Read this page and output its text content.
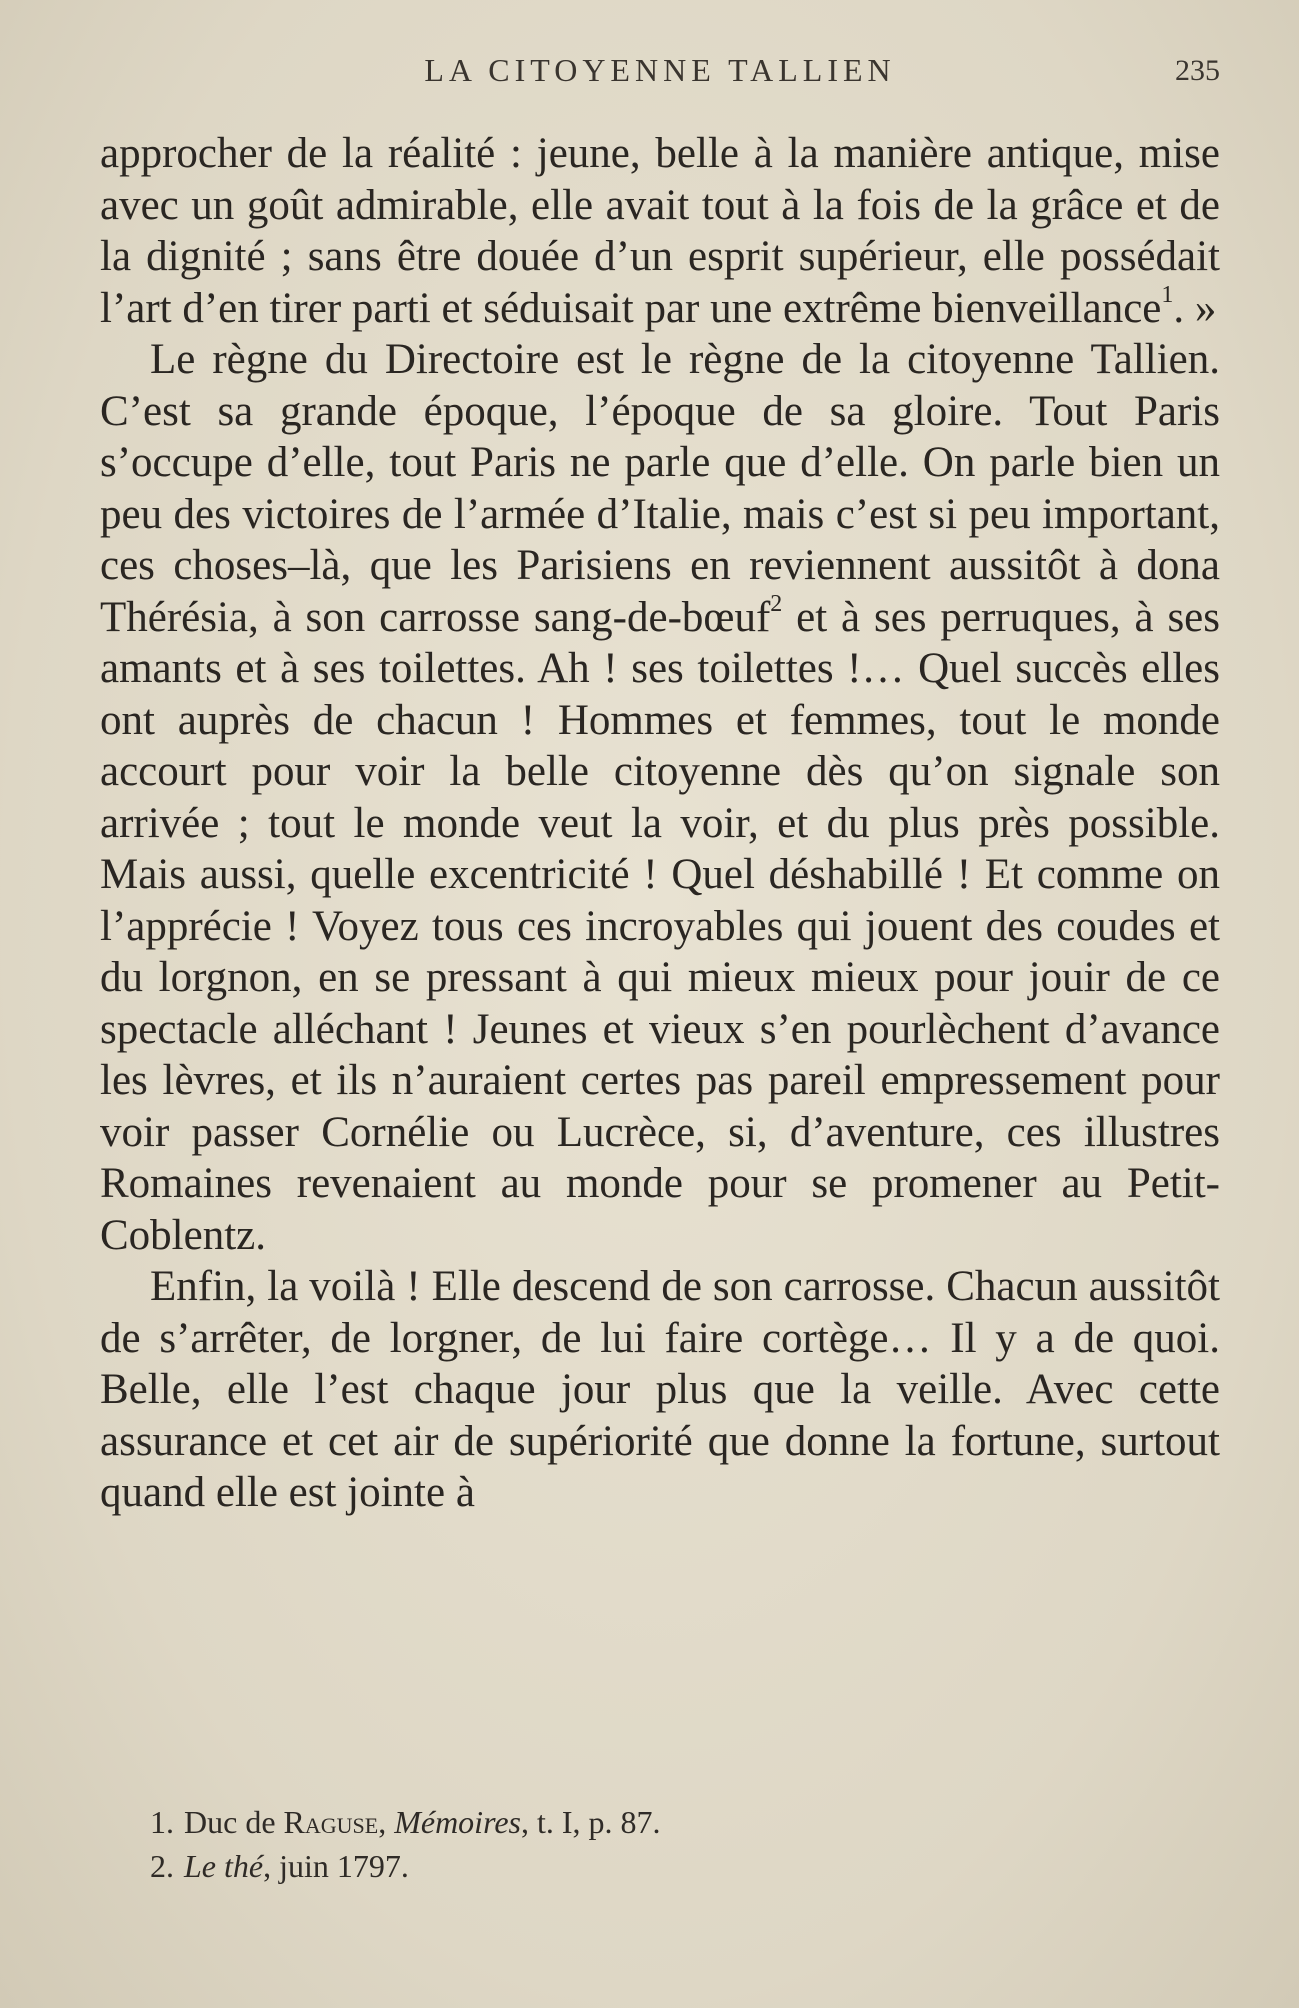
LA CITOYENNE TALLIEN	235

approcher de la réalité : jeune, belle à la manière antique, mise avec un goût admirable, elle avait tout à la fois de la grâce et de la dignité ; sans être douée d’un esprit supérieur, elle possédait l’art d’en tirer parti et séduisait par une extrême bienveillance$^1$. »

Le règne du Directoire est le règne de la citoyenne Tallien. C’est sa grande époque, l’époque de sa gloire. Tout Paris s’occupe d’elle, tout Paris ne parle que d’elle. On parle bien un peu des victoires de l’armée d’Italie, mais c’est si peu important, ces choses–là, que les Parisiens en reviennent aussitôt à dona Thérésia, à son carrosse sang-de-bœuf$^2$ et à ses perruques, à ses amants et à ses toilettes. Ah ! ses toilettes !… Quel succès elles ont auprès de chacun ! Hommes et femmes, tout le monde accourt pour voir la belle citoyenne dès qu’on signale son arrivée ; tout le monde veut la voir, et du plus près possible. Mais aussi, quelle excentricité ! Quel déshabillé ! Et comme on l’apprécie ! Voyez tous ces incroyables qui jouent des coudes et du lorgnon, en se pressant à qui mieux mieux pour jouir de ce spectacle alléchant ! Jeunes et vieux s’en pourlèchent d’avance les lèvres, et ils n’auraient certes pas pareil empressement pour voir passer Cornélie ou Lucrèce, si, d’aventure, ces illustres Romaines revenaient au monde pour se promener au Petit-Coblentz.

Enfin, la voilà ! Elle descend de son carrosse. Chacun aussitôt de s’arrêter, de lorgner, de lui faire cortège… Il y a de quoi. Belle, elle l’est chaque jour plus que la veille. Avec cette assurance et cet air de supériorité que donne la fortune, surtout quand elle est jointe à

1. Duc de Raguse, Mémoires, t. I, p. 87.
2. Le thé, juin 1797.
